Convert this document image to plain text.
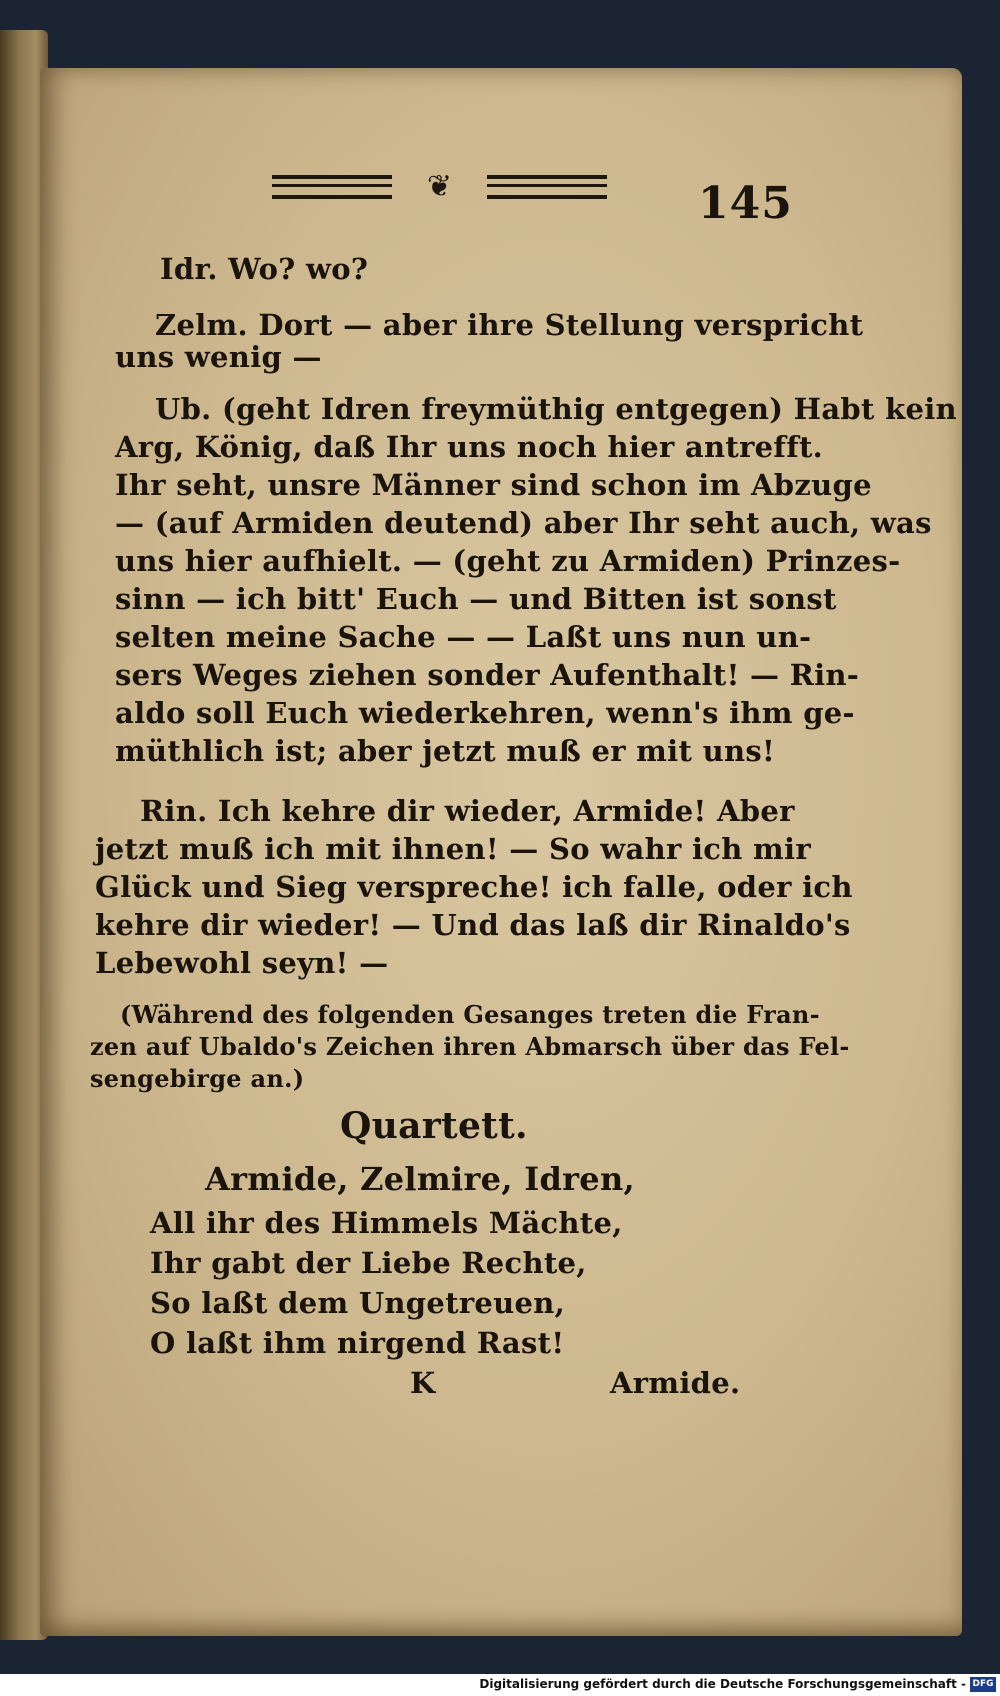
❦	145
Idr. Wo? wo?
Zelm. Dort — aber ihre Stellung verspricht
uns wenig —
Ub. (geht Idren freymüthig entgegen) Habt kein
Arg, König, daß Ihr uns noch hier antrefft.
Ihr seht, unsre Männer sind schon im Abzuge
— (auf Armiden deutend) aber Ihr seht auch, was
uns hier aufhielt. — (geht zu Armiden) Prinzes-
sinn — ich bitt' Euch — und Bitten ist sonst
selten meine Sache — — Laßt uns nun un-
sers Weges ziehen sonder Aufenthalt! — Rin-
aldo soll Euch wiederkehren, wenn's ihm ge-
müthlich ist; aber jetzt muß er mit uns!
Rin. Ich kehre dir wieder, Armide! Aber
jetzt muß ich mit ihnen! — So wahr ich mir
Glück und Sieg verspreche! ich falle, oder ich
kehre dir wieder! — Und das laß dir Rinaldo's
Lebewohl seyn! —
(Während des folgenden Gesanges treten die Fran-
zen auf Ubaldo's Zeichen ihren Abmarsch über das Fel-
sengebirge an.)
Quartett.
Armide, Zelmire, Idren,
All ihr des Himmels Mächte,
Ihr gabt der Liebe Rechte,
So laßt dem Ungetreuen,
O laßt ihm nirgend Rast!
K	Armide.
Digitalisierung gefördert durch die Deutsche Forschungsgemeinschaft - DFG
